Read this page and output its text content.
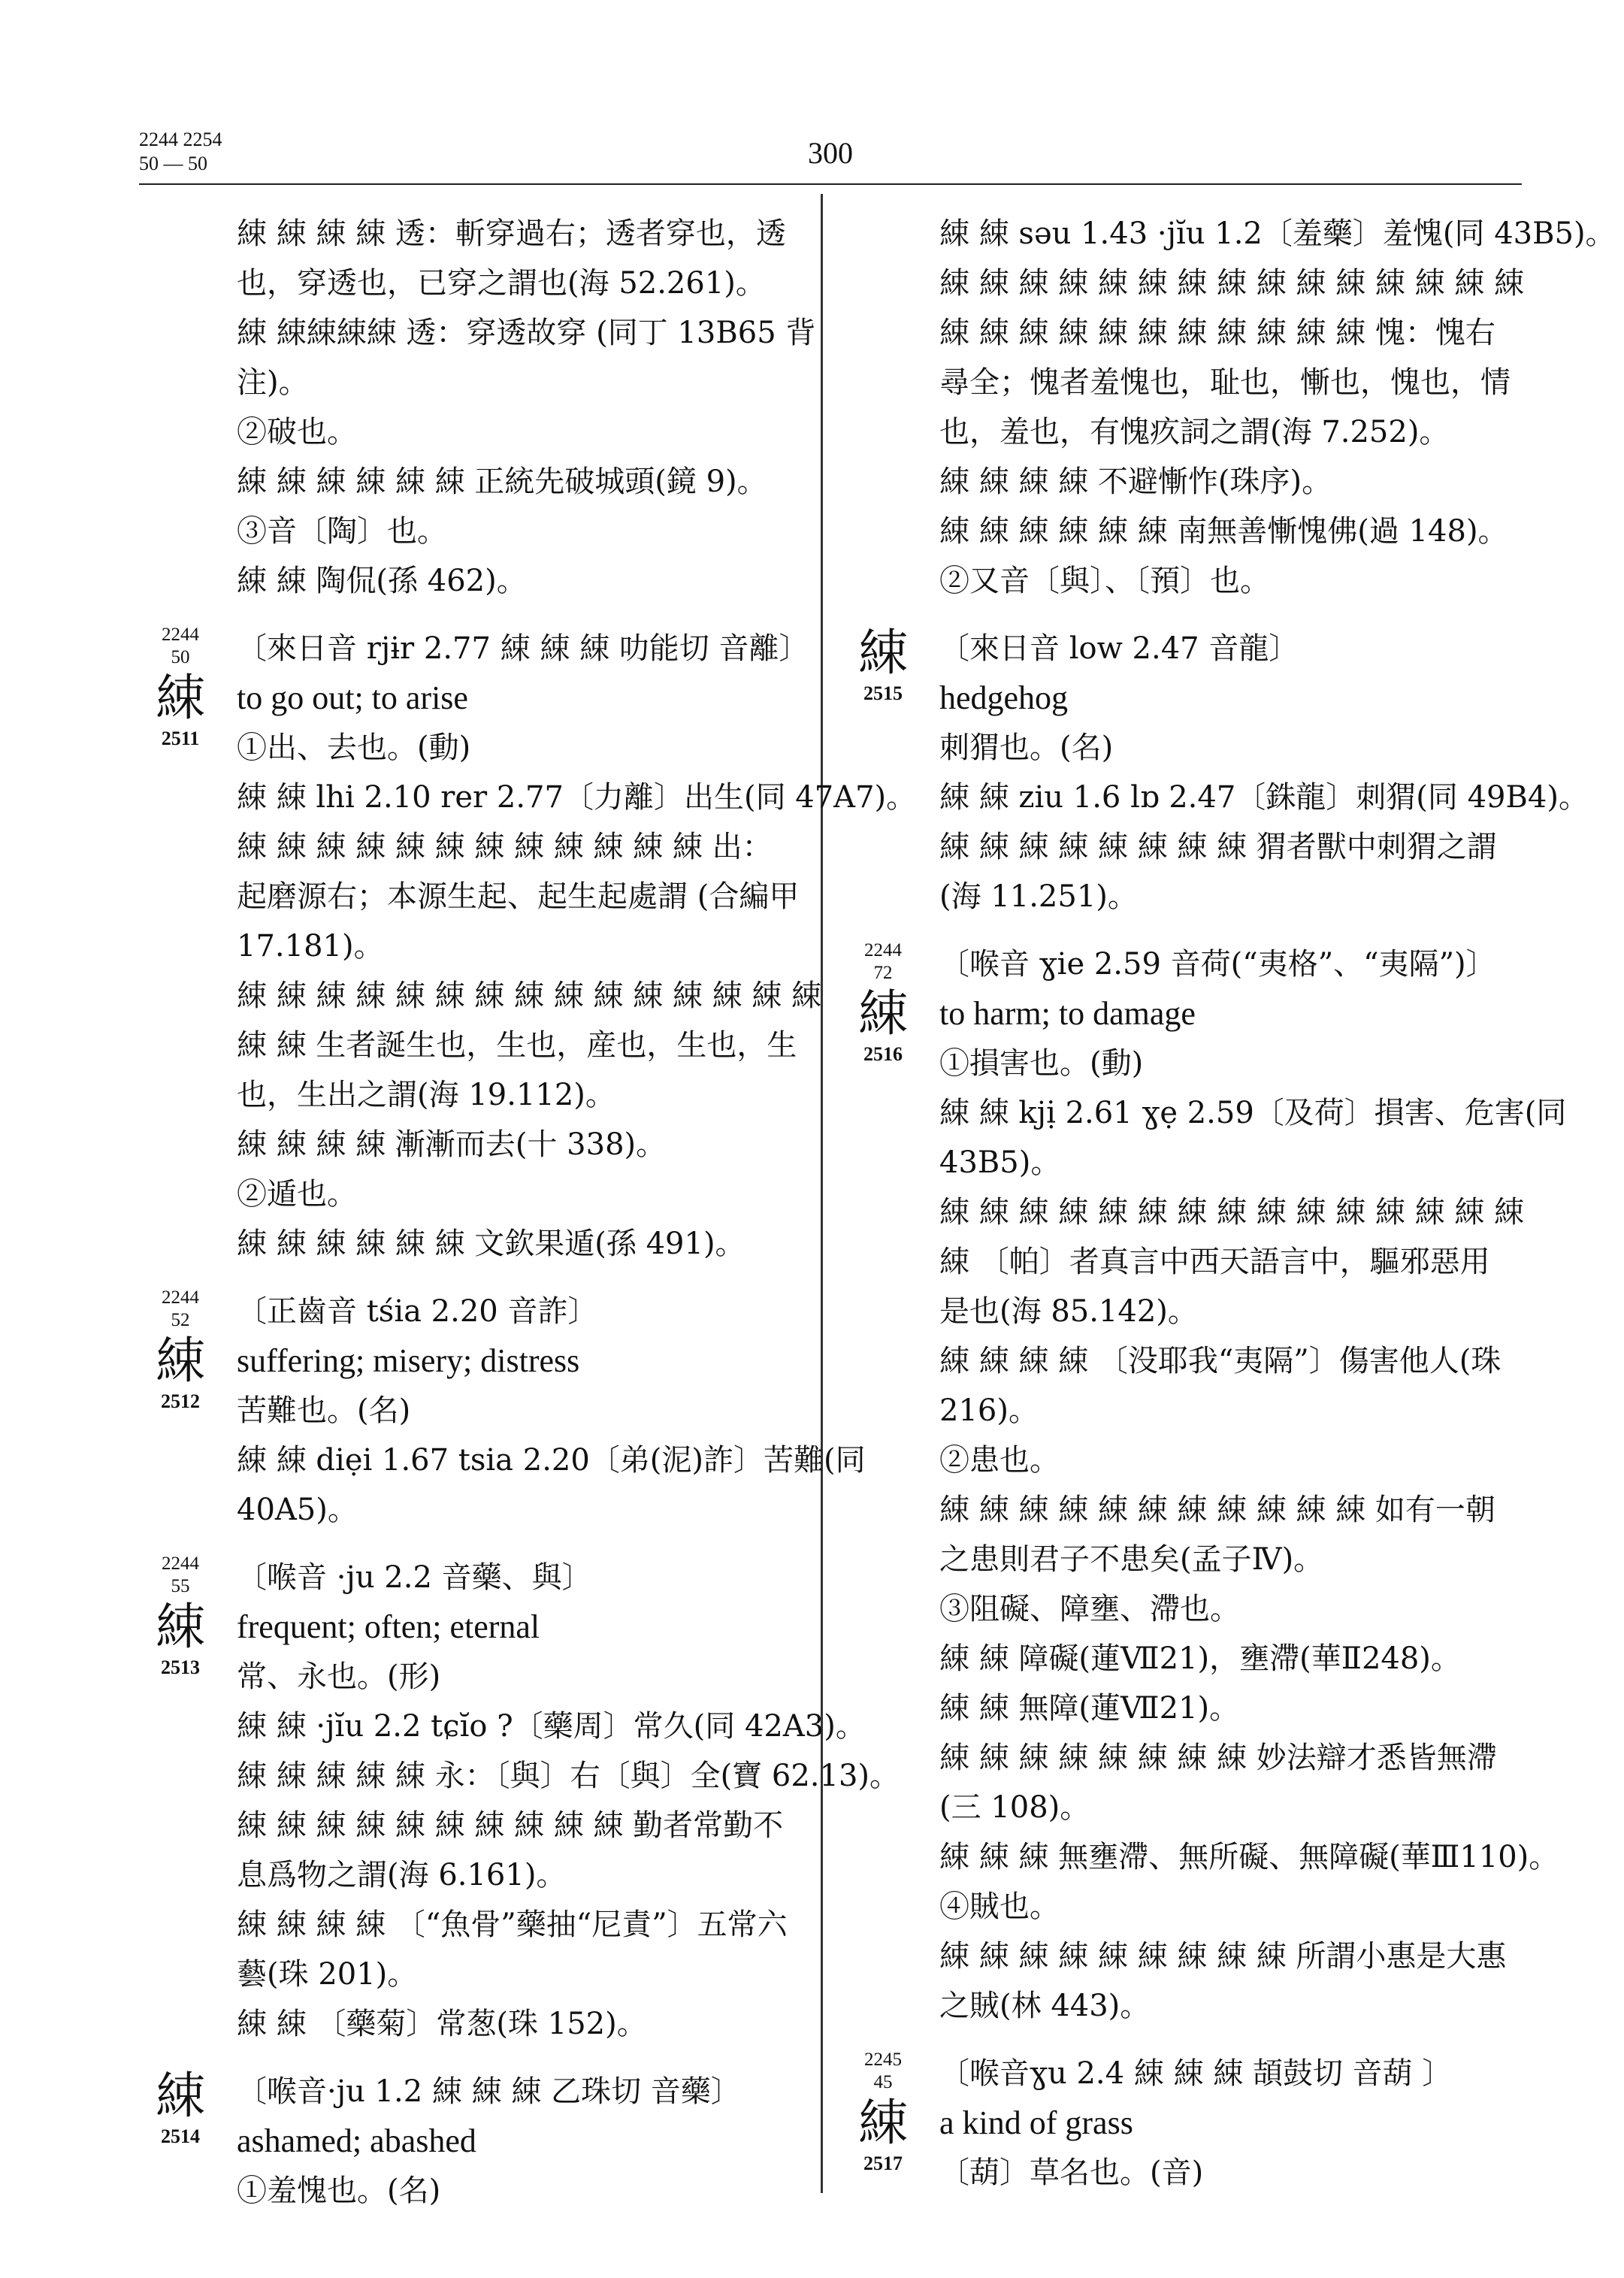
2244 2254
50 — 50	300
綀 綀 綀 綀 透：斬穿過右；透者穿也，透
也，穿透也，已穿之謂也(海 52.261)。
綀 綀綀綀綀 透：穿透故穿 (同丁 13B65 背
注)。
②破也。
綀 綀 綀 綀 綀 綀 正統先破城頭(鏡 9)。
③音〔陶〕也。
綀 綀 陶侃(孫 462)。
2244
50
綀
2511
〔來日音 rjɨr 2.77 綀 綀 綀 叻能切 音離〕
to go out; to arise
①出、去也。(動)
綀 綀 lhi 2.10 rer 2.77〔力離〕出生(同 47A7)。
綀 綀 綀 綀 綀 綀 綀 綀 綀 綀 綀 綀 出：
起磨源右；本源生起、起生起處謂 (合編甲
17.181)。
綀 綀 綀 綀 綀 綀 綀 綀 綀 綀 綀 綀 綀 綀 綀
綀 綀 生者誕生也，生也，産也，生也，生
也，生出之謂(海 19.112)。
綀 綀 綀 綀 漸漸而去(十 338)。
②遁也。
綀 綀 綀 綀 綀 綀 文欽果遁(孫 491)。
2244
52
綀
2512
〔正齒音 tśia 2.20 音詐〕
suffering; misery; distress
苦難也。(名)
綀 綀 diẹi 1.67 tsia 2.20〔弟(泥)詐〕苦難(同
40A5)。
2244
55
綀
2513
〔喉音 ·ju 2.2 音藥、與〕
frequent; often; eternal
常、永也。(形)
綀 綀 ·jĭu 2.2 tɕĭo ?〔藥周〕常久(同 42A3)。
綀 綀 綀 綀 綀 永：〔與〕右〔與〕全(寶 62.13)。
綀 綀 綀 綀 綀 綀 綀 綀 綀 綀 勤者常勤不
息爲物之謂(海 6.161)。
綀 綀 綀 綀 〔“魚骨”藥抽“尼責”〕五常六
藝(珠 201)。
綀 綀 〔藥菊〕常葱(珠 152)。
綀
2514
〔喉音·ju 1.2 綀 綀 綀 乙珠切 音藥〕
ashamed; abashed
①羞愧也。(名)
綀 綀 səu 1.43 ·jĭu 1.2〔羞藥〕羞愧(同 43B5)。
綀 綀 綀 綀 綀 綀 綀 綀 綀 綀 綀 綀 綀 綀 綀
綀 綀 綀 綀 綀 綀 綀 綀 綀 綀 綀 愧：愧右
尋全；愧者羞愧也，耻也，慚也，愧也，情
也，羞也，有愧疚詞之謂(海 7.252)。
綀 綀 綀 綀 不避慚怍(珠序)。
綀 綀 綀 綀 綀 綀 南無善慚愧佛(過 148)。
②又音〔與〕、〔預〕也。
綀
2515
〔來日音 low 2.47 音龍〕
hedgehog
刺猬也。(名)
綀 綀 ziu 1.6 lɒ 2.47〔銖龍〕刺猬(同 49B4)。
綀 綀 綀 綀 綀 綀 綀 綀 猬者獸中刺猬之謂
(海 11.251)。
2244
72
綀
2516
〔喉音 ɣie 2.59 音荷(“夷格”、“夷隔”)〕
to harm; to damage
①損害也。(動)
綀 綀 kjị 2.61 ɣẹ 2.59〔及荷〕損害、危害(同
43B5)。
綀 綀 綀 綀 綀 綀 綀 綀 綀 綀 綀 綀 綀 綀 綀
綀 〔帕〕者真言中西天語言中，驅邪惡用
是也(海 85.142)。
綀 綀 綀 綀 〔没耶我“夷隔”〕傷害他人(珠
216)。
②患也。
綀 綀 綀 綀 綀 綀 綀 綀 綀 綀 綀 如有一朝
之患則君子不患矣(孟子Ⅳ)。
③阻礙、障壅、滯也。
綀 綀 障礙(蓮Ⅶ21)，壅滯(華Ⅱ248)。
綀 綀 無障(蓮Ⅶ21)。
綀 綀 綀 綀 綀 綀 綀 綀 妙法辯才悉皆無滯
(三 108)。
綀 綀 綀 無壅滯、無所礙、無障礙(華Ⅲ110)。
④賊也。
綀 綀 綀 綀 綀 綀 綀 綀 綀 所謂小惠是大惠
之賊(林 443)。
2245
45
綀
2517
〔喉音ɣu 2.4 綀 綀 綀 頡鼓切 音葫 〕
a kind of grass
〔葫〕草名也。(音)
